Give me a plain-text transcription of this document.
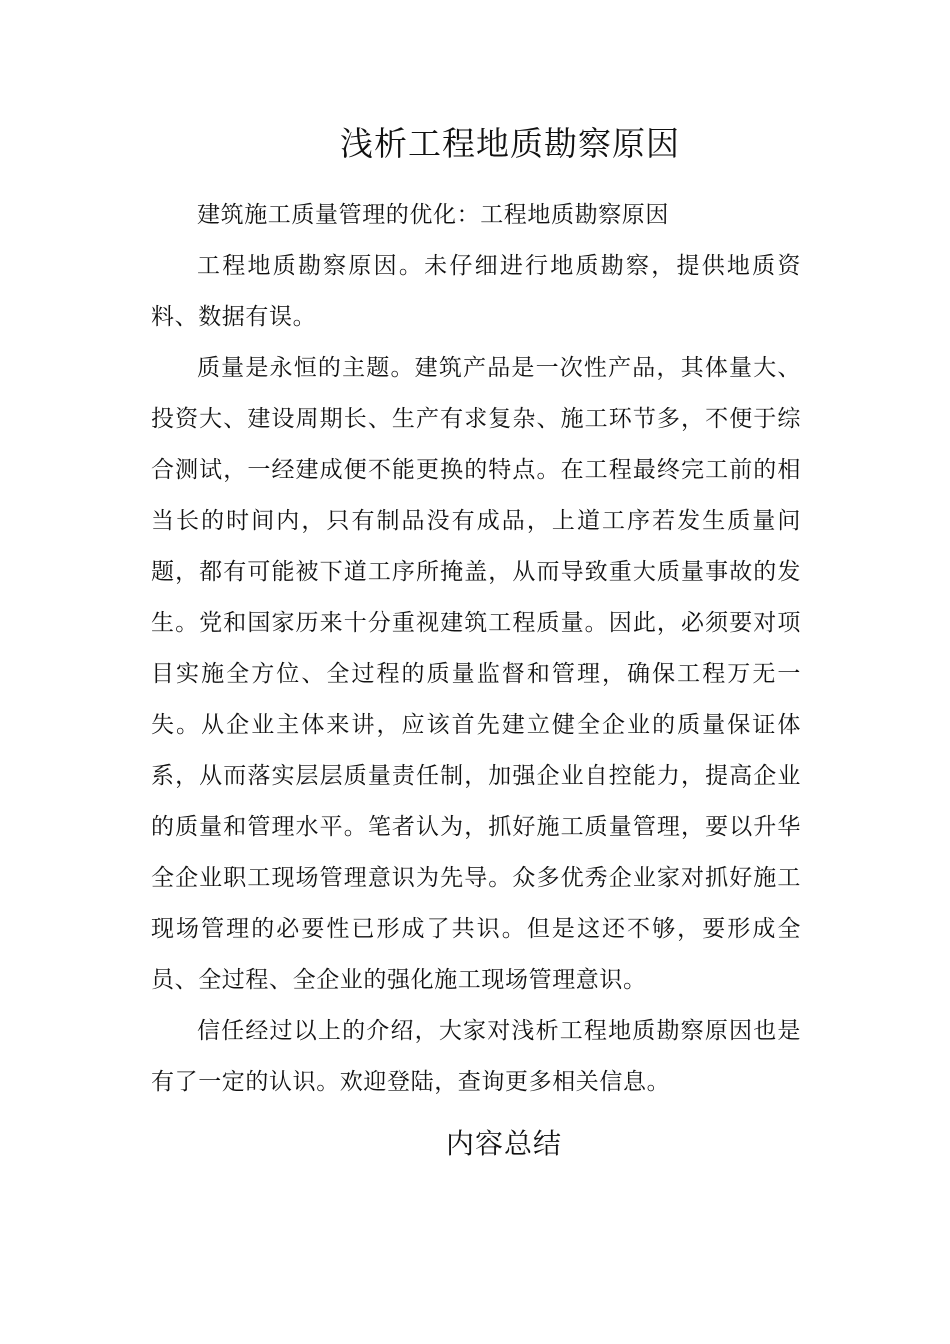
浅析工程地质勘察原因

建筑施工质量管理的优化：工程地质勘察原因

工程地质勘察原因。未仔细进行地质勘察，提供地质资料、数据有误。

质量是永恒的主题。建筑产品是一次性产品，其体量大、投资大、建设周期长、生产有求复杂、施工环节多，不便于综合测试，一经建成便不能更换的特点。在工程最终完工前的相当长的时间内，只有制品没有成品，上道工序若发生质量问题，都有可能被下道工序所掩盖，从而导致重大质量事故的发生。党和国家历来十分重视建筑工程质量。因此，必须要对项目实施全方位、全过程的质量监督和管理，确保工程万无一失。从企业主体来讲，应该首先建立健全企业的质量保证体系，从而落实层层质量责任制，加强企业自控能力，提高企业的质量和管理水平。笔者认为，抓好施工质量管理，要以升华全企业职工现场管理意识为先导。众多优秀企业家对抓好施工现场管理的必要性已形成了共识。但是这还不够，要形成全员、全过程、全企业的强化施工现场管理意识。

信任经过以上的介绍，大家对浅析工程地质勘察原因也是有了一定的认识。欢迎登陆，查询更多相关信息。

内容总结
